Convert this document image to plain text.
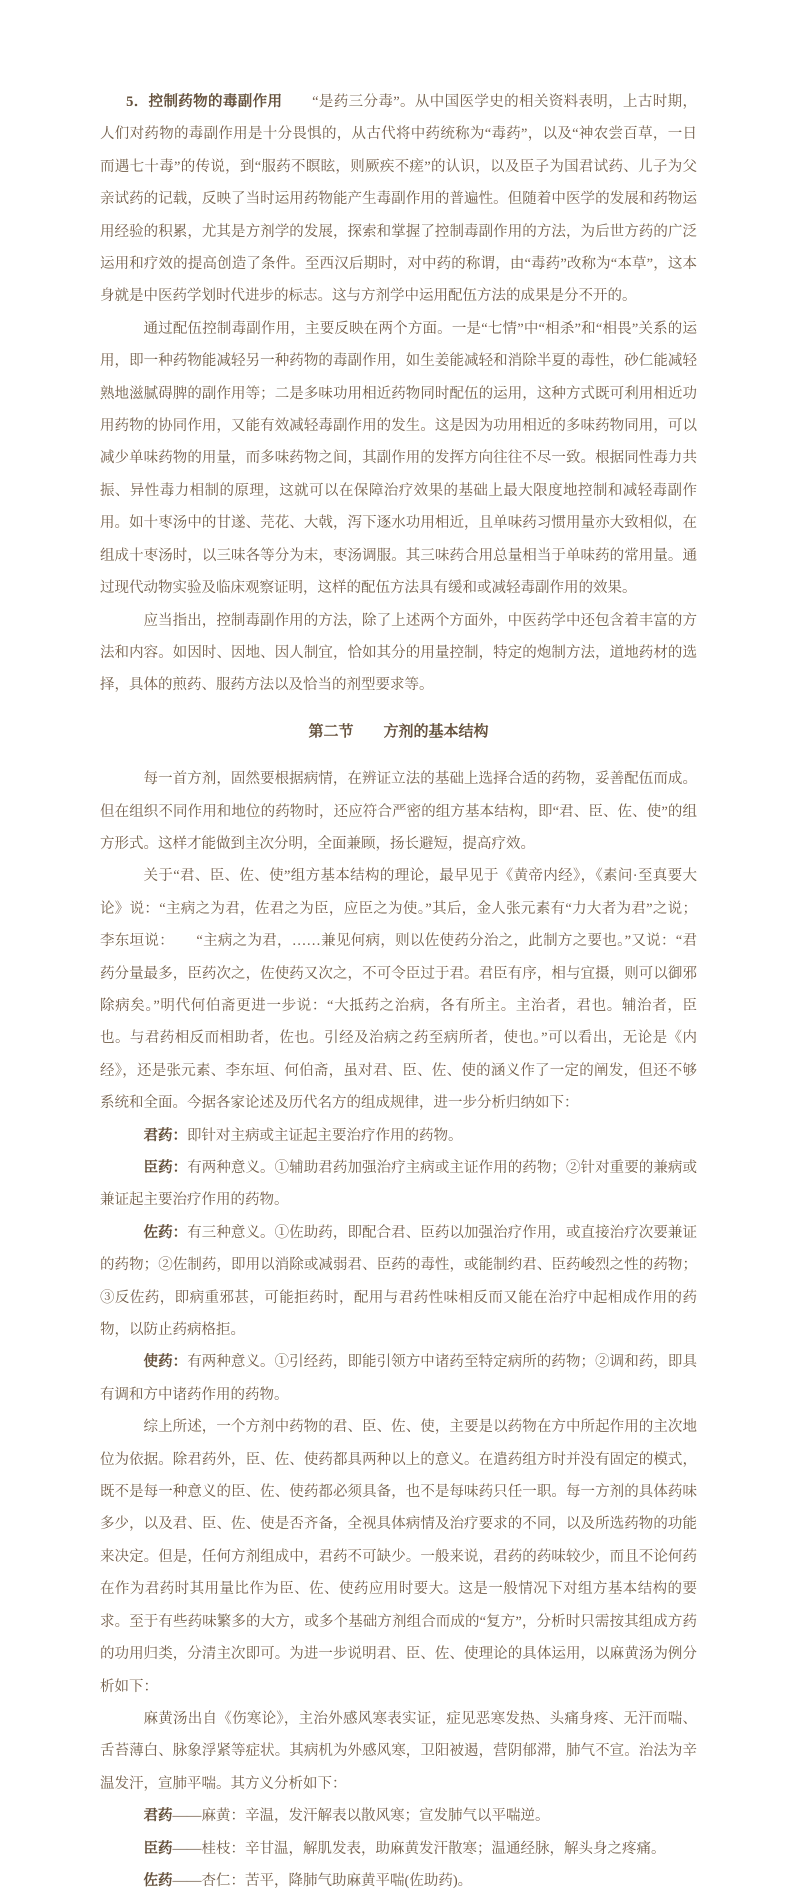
5．控制药物的毒副作用　　“是药三分毒”。从中国医学史的相关资料表明，上古时期，人们对药物的毒副作用是十分畏惧的，从古代将中药统称为“毒药”，以及“神农尝百草，一日而遇七十毒”的传说，到“服药不瞑眩，则厥疾不瘥”的认识，以及臣子为国君试药、儿子为父亲试药的记载，反映了当时运用药物能产生毒副作用的普遍性。但随着中医学的发展和药物运用经验的积累，尤其是方剂学的发展，探索和掌握了控制毒副作用的方法，为后世方药的广泛运用和疗效的提高创造了条件。至西汉后期时，对中药的称谓，由“毒药”改称为“本草”，这本身就是中医药学划时代进步的标志。这与方剂学中运用配伍方法的成果是分不开的。

通过配伍控制毒副作用，主要反映在两个方面。一是“七情”中“相杀”和“相畏”关系的运用，即一种药物能减轻另一种药物的毒副作用，如生姜能减轻和消除半夏的毒性，砂仁能减轻熟地滋腻碍脾的副作用等；二是多味功用相近药物同时配伍的运用，这种方式既可利用相近功用药物的协同作用，又能有效减轻毒副作用的发生。这是因为功用相近的多味药物同用，可以减少单味药物的用量，而多味药物之间，其副作用的发挥方向往往不尽一致。根据同性毒力共振、异性毒力相制的原理，这就可以在保障治疗效果的基础上最大限度地控制和减轻毒副作用。如十枣汤中的甘遂、芫花、大戟，泻下逐水功用相近，且单味药习惯用量亦大致相似，在组成十枣汤时，以三味各等分为末，枣汤调服。其三味药合用总量相当于单味药的常用量。通过现代动物实验及临床观察证明，这样的配伍方法具有缓和或减轻毒副作用的效果。

应当指出，控制毒副作用的方法，除了上述两个方面外，中医药学中还包含着丰富的方法和内容。如因时、因地、因人制宜，恰如其分的用量控制，特定的炮制方法，道地药材的选择，具体的煎药、服药方法以及恰当的剂型要求等。

第二节　　方剂的基本结构

每一首方剂，固然要根据病情，在辨证立法的基础上选择合适的药物，妥善配伍而成。但在组织不同作用和地位的药物时，还应符合严密的组方基本结构，即“君、臣、佐、使”的组方形式。这样才能做到主次分明，全面兼顾，扬长避短，提高疗效。

关于“君、臣、佐、使”组方基本结构的理论，最早见于《黄帝内经》，《素问·至真要大论》说：“主病之为君，佐君之为臣，应臣之为使。”其后，金人张元素有“力大者为君”之说；李东垣说：　　“主病之为君，……兼见何病，则以佐使药分治之，此制方之要也。”又说：“君药分量最多，臣药次之，佐使药又次之，不可令臣过于君。君臣有序，相与宜摄，则可以御邪除病矣。”明代何伯斋更进一步说：“大抵药之治病，各有所主。主治者，君也。辅治者，臣也。与君药相反而相助者，佐也。引经及治病之药至病所者，使也。”可以看出，无论是《内经》，还是张元素、李东垣、何伯斋，虽对君、臣、佐、使的涵义作了一定的阐发，但还不够系统和全面。今据各家论述及历代名方的组成规律，进一步分析归纳如下：

君药：即针对主病或主证起主要治疗作用的药物。

臣药：有两种意义。①辅助君药加强治疗主病或主证作用的药物；②针对重要的兼病或兼证起主要治疗作用的药物。

佐药：有三种意义。①佐助药，即配合君、臣药以加强治疗作用，或直接治疗次要兼证的药物；②佐制药，即用以消除或减弱君、臣药的毒性，或能制约君、臣药峻烈之性的药物；③反佐药，即病重邪甚，可能拒药时，配用与君药性味相反而又能在治疗中起相成作用的药物，以防止药病格拒。

使药：有两种意义。①引经药，即能引领方中诸药至特定病所的药物；②调和药，即具有调和方中诸药作用的药物。

综上所述，一个方剂中药物的君、臣、佐、使，主要是以药物在方中所起作用的主次地位为依据。除君药外，臣、佐、使药都具两种以上的意义。在遣药组方时并没有固定的模式，既不是每一种意义的臣、佐、使药都必须具备，也不是每味药只任一职。每一方剂的具体药味多少，以及君、臣、佐、使是否齐备，全视具体病情及治疗要求的不同，以及所选药物的功能来决定。但是，任何方剂组成中，君药不可缺少。一般来说，君药的药味较少，而且不论何药在作为君药时其用量比作为臣、佐、使药应用时要大。这是一般情况下对组方基本结构的要求。至于有些药味繁多的大方，或多个基础方剂组合而成的“复方”，分析时只需按其组成方药的功用归类，分清主次即可。为进一步说明君、臣、佐、使理论的具体运用，以麻黄汤为例分析如下：

麻黄汤出自《伤寒论》，主治外感风寒表实证，症见恶寒发热、头痛身疼、无汗而喘、舌苔薄白、脉象浮紧等症状。其病机为外感风寒，卫阳被遏，营阴郁滞，肺气不宣。治法为辛温发汗，宣肺平喘。其方义分析如下：

君药——麻黄：辛温，发汗解表以散风寒；宣发肺气以平喘逆。

臣药——桂枝：辛甘温，解肌发表，助麻黄发汗散寒；温通经脉，解头身之疼痛。

佐药——杏仁：苦平，降肺气助麻黄平喘(佐助药)。
